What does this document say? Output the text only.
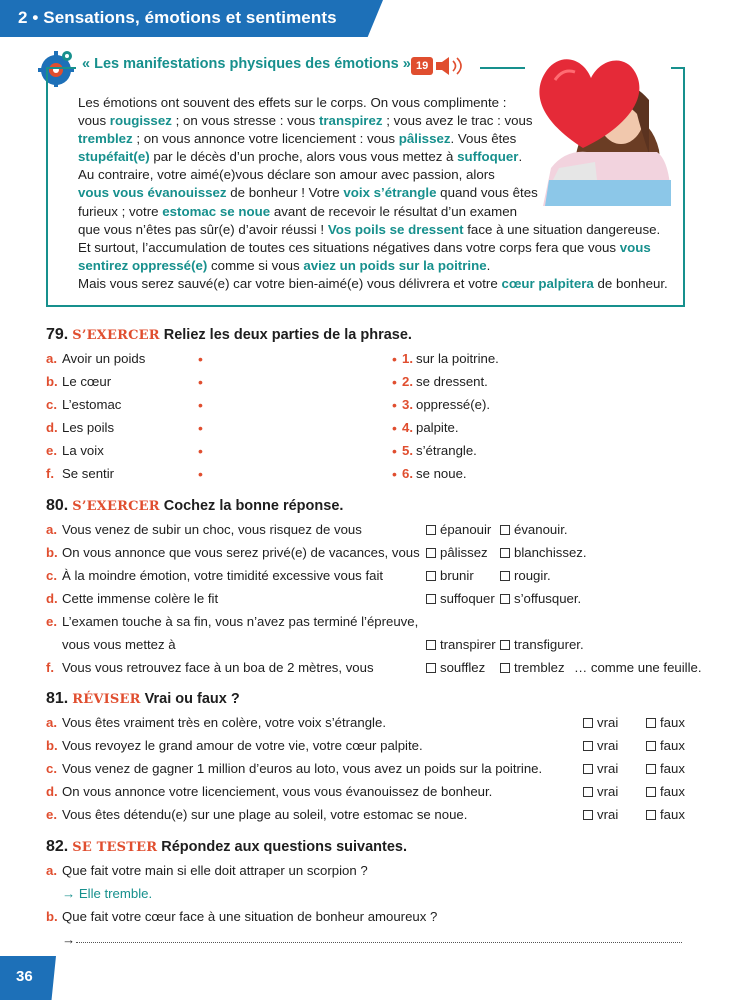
2 • Sensations, émotions et sentiments
« Les manifestations physiques des émotions » 19
Les émotions ont souvent des effets sur le corps. On vous complimente :
vous rougissez ; on vous stresse : vous transpirez ; vous avez le trac : vous
tremblez ; on vous annonce votre licenciement : vous pâlissez. Vous êtes
stupéfait(e) par le décès d’un proche, alors vous vous mettez à suffoquer.
Au contraire, votre aimé(e)vous déclare son amour avec passion, alors
vous vous évanouissez de bonheur ! Votre voix s’étrangle quand vous êtes
furieux ; votre estomac se noue avant de recevoir le résultat d’un examen
que vous n’êtes pas sûr(e) d’avoir réussi ! Vos poils se dressent face à une situation dangereuse.
Et surtout, l’accumulation de toutes ces situations négatives dans votre corps fera que vous vous
sentirez oppressé(e) comme si vous aviez un poids sur la poitrine.
Mais vous serez sauvé(e) car votre bien-aimé(e) vous délivrera et votre cœur palpitera de bonheur.
79. S’EXERCER Reliez les deux parties de la phrase.
a. Avoir un poids	•	• 1. sur la poitrine.
b. Le cœur	•	• 2. se dressent.
c. L’estomac	•	• 3. oppressé(e).
d. Les poils	•	• 4. palpite.
e. La voix	•	• 5. s’étrangle.
f. Se sentir	•	• 6. se noue.
80. S’EXERCER Cochez la bonne réponse.
a. Vous venez de subir un choc, vous risquez de vous	épanouir	évanouir.
b. On vous annonce que vous serez privé(e) de vacances, vous	pâlissez	blanchissez.
c. À la moindre émotion, votre timidité excessive vous fait	brunir	rougir.
d. Cette immense colère le fit	suffoquer	s’offusquer.
e. L’examen touche à sa fin, vous n’avez pas terminé l’épreuve,
vous vous mettez à	transpirer	transfigurer.
f. Vous vous retrouvez face à un boa de 2 mètres, vous	soufflez	tremblez … comme une feuille.
81. RÉVISER Vrai ou faux ?
a. Vous êtes vraiment très en colère, votre voix s’étrangle.	vrai	faux
b. Vous revoyez le grand amour de votre vie, votre cœur palpite.	vrai	faux
c. Vous venez de gagner 1 million d’euros au loto, vous avez un poids sur la poitrine.	vrai	faux
d. On vous annonce votre licenciement, vous vous évanouissez de bonheur.	vrai	faux
e. Vous êtes détendu(e) sur une plage au soleil, votre estomac se noue.	vrai	faux
82. SE TESTER Répondez aux questions suivantes.
a. Que fait votre main si elle doit attraper un scorpion ?
→ Elle tremble.
b. Que fait votre cœur face à une situation de bonheur amoureux ?
→
36
